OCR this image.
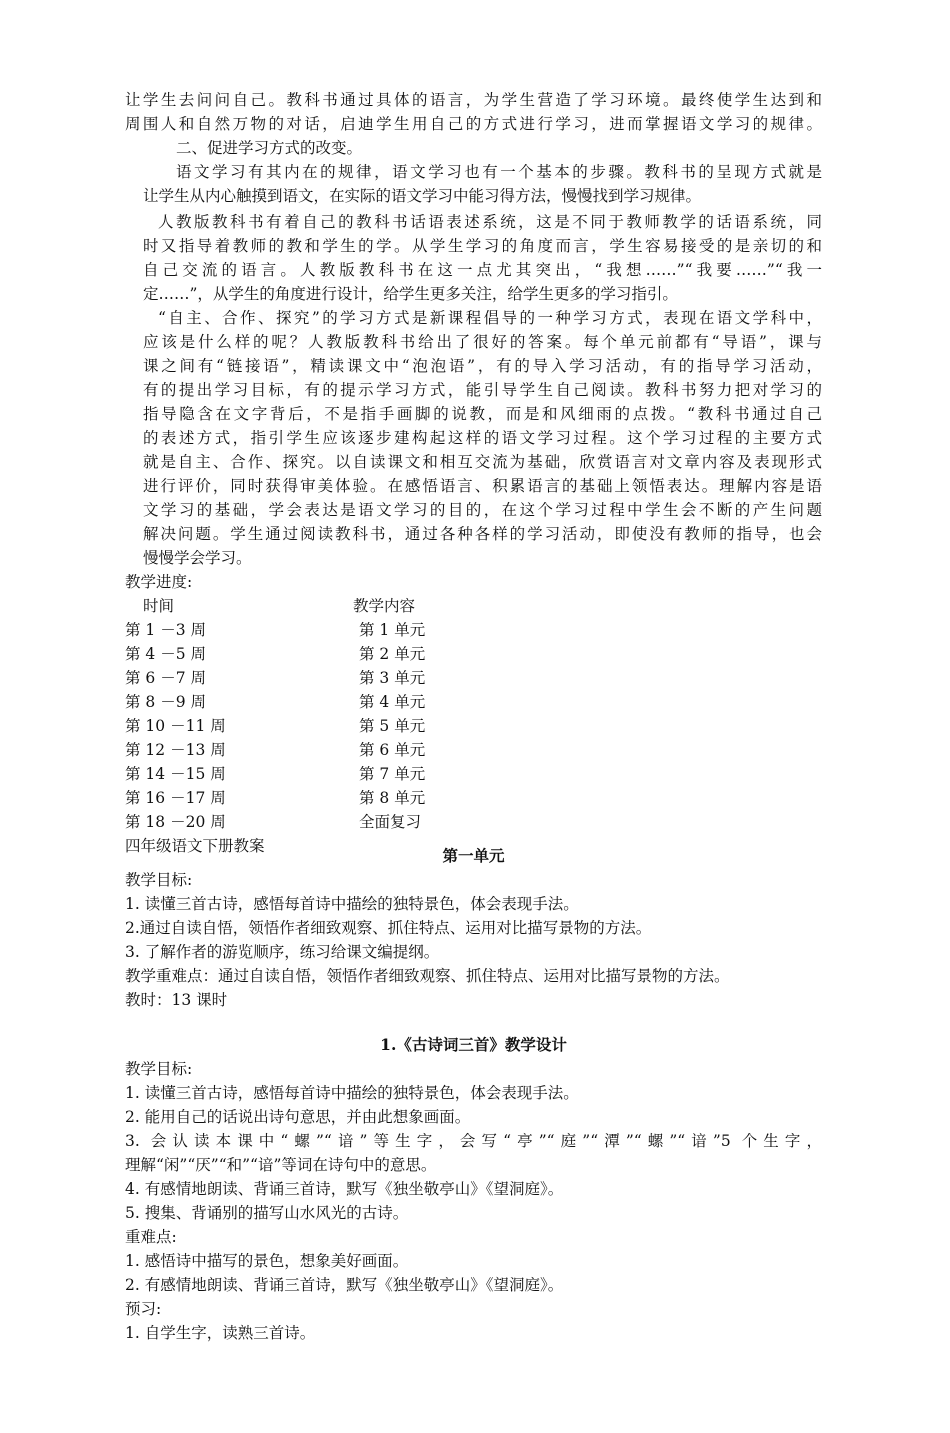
让学生去问问自己。教科书通过具体的语言，为学生营造了学习环境。最终使学生达到和
周围人和自然万物的对话，启迪学生用自己的方式进行学习，进而掌握语文学习的规律。
二、促进学习方式的改变。
语文学习有其内在的规律，语文学习也有一个基本的步骤。教科书的呈现方式就是
让学生从内心触摸到语文，在实际的语文学习中能习得方法，慢慢找到学习规律。
人教版教科书有着自己的教科书话语表述系统，这是不同于教师教学的话语系统，同
时又指导着教师的教和学生的学。从学生学习的角度而言，学生容易接受的是亲切的和
自己交流的语言。人教版教科书在这一点尤其突出，“我想……”“我要……”“我一
定……”，从学生的角度进行设计，给学生更多关注，给学生更多的学习指引。
“自主、合作、探究”的学习方式是新课程倡导的一种学习方式，表现在语文学科中，
应该是什么样的呢？人教版教科书给出了很好的答案。每个单元前都有“导语”，课与
课之间有“链接语”，精读课文中“泡泡语”，有的导入学习活动，有的指导学习活动，
有的提出学习目标，有的提示学习方式，能引导学生自己阅读。教科书努力把对学习的
指导隐含在文字背后，不是指手画脚的说教，而是和风细雨的点拨。“教科书通过自己
的表述方式，指引学生应该逐步建构起这样的语文学习过程。这个学习过程的主要方式
就是自主、合作、探究。以自读课文和相互交流为基础，欣赏语言对文章内容及表现形式
进行评价，同时获得审美体验。在感悟语言、积累语言的基础上领悟表达。理解内容是语
文学习的基础，学会表达是语文学习的目的，在这个学习过程中学生会不断的产生问题
解决问题。学生通过阅读教科书，通过各种各样的学习活动，即使没有教师的指导，也会
慢慢学会学习。
教学进度:
时间	教学内容
第 1 －3 周	第 1 单元
第 4 －5 周	第 2 单元
第 6 －7 周	第 3 单元
第 8 －9 周	第 4 单元
第 10 －11 周	第 5 单元
第 12 －13 周	第 6 单元
第 14 －15 周	第 7 单元
第 16 －17 周	第 8 单元
第 18 －20 周	全面复习
四年级语文下册教案	第一单元
教学目标:
1. 读懂三首古诗，感悟每首诗中描绘的独特景色，体会表现手法。
2.通过自读自悟，领悟作者细致观察、抓住特点、运用对比描写景物的方法。
3. 了解作者的游览顺序，练习给课文编提纲。
教学重难点：通过自读自悟，领悟作者细致观察、抓住特点、运用对比描写景物的方法。
教时：13 课时
1.《古诗词三首》教学设计
教学目标:
1. 读懂三首古诗，感悟每首诗中描绘的独特景色，体会表现手法。
2. 能用自己的话说出诗句意思，并由此想象画面。
3. 会认读本课中“螺”“谙”等生字，会写“亭”“庭”“潭”“螺”“谙”5 个生字，
理解“闲”“厌”“和”“谙”等词在诗句中的意思。
4. 有感情地朗读、背诵三首诗，默写《独坐敬亭山》《望洞庭》。
5. 搜集、背诵别的描写山水风光的古诗。
重难点:
1. 感悟诗中描写的景色，想象美好画面。
2. 有感情地朗读、背诵三首诗，默写《独坐敬亭山》《望洞庭》。
预习:
1. 自学生字，读熟三首诗。
